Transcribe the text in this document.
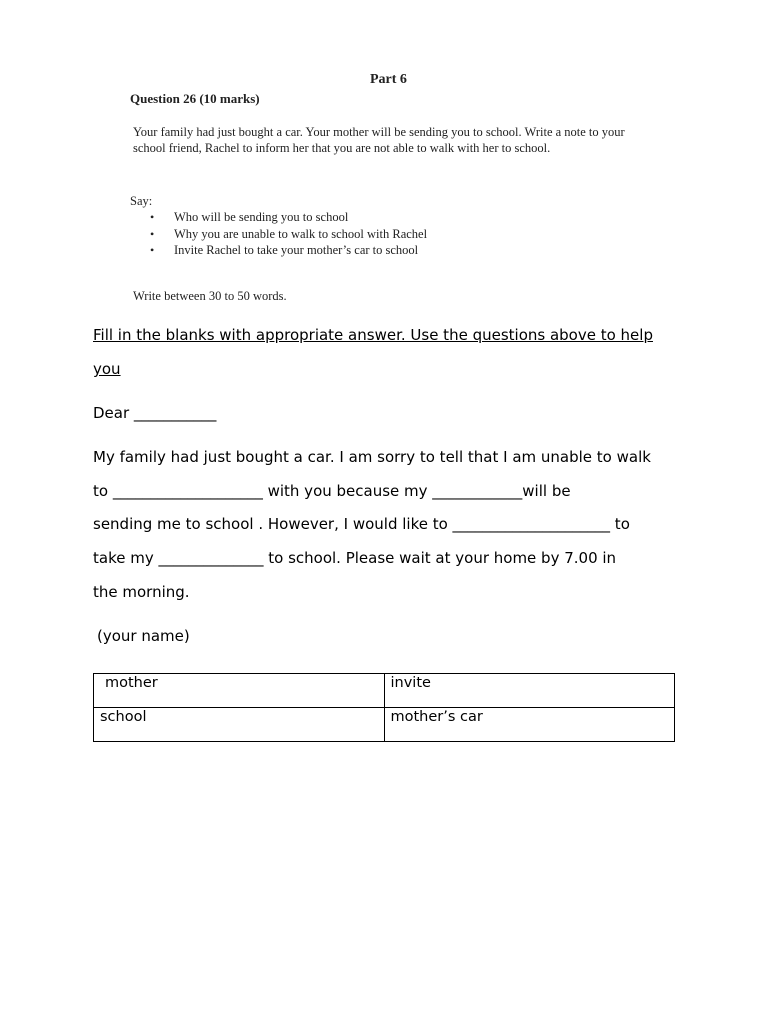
Part 6
Question 26 (10 marks)
Your family had just bought a car. Your mother will be sending you to school. Write a note to your
school friend, Rachel to inform her that you are not able to walk with her to school.
Say:
• Who will be sending you to school
• Why you are unable to walk to school with Rachel
• Invite Rachel to take your mother’s car to school
Write between 30 to 50 words.
Fill in the blanks with appropriate answer. Use the questions above to help
you
Dear ___________
My family had just bought a car. I am sorry to tell that I am unable to walk
to ____________________ with you because my ____________will be
sending me to school . However, I would like to _____________________ to
take my ______________ to school. Please wait at your home by 7.00 in
the morning.
(your name)
mother	invite
school	mother’s car
